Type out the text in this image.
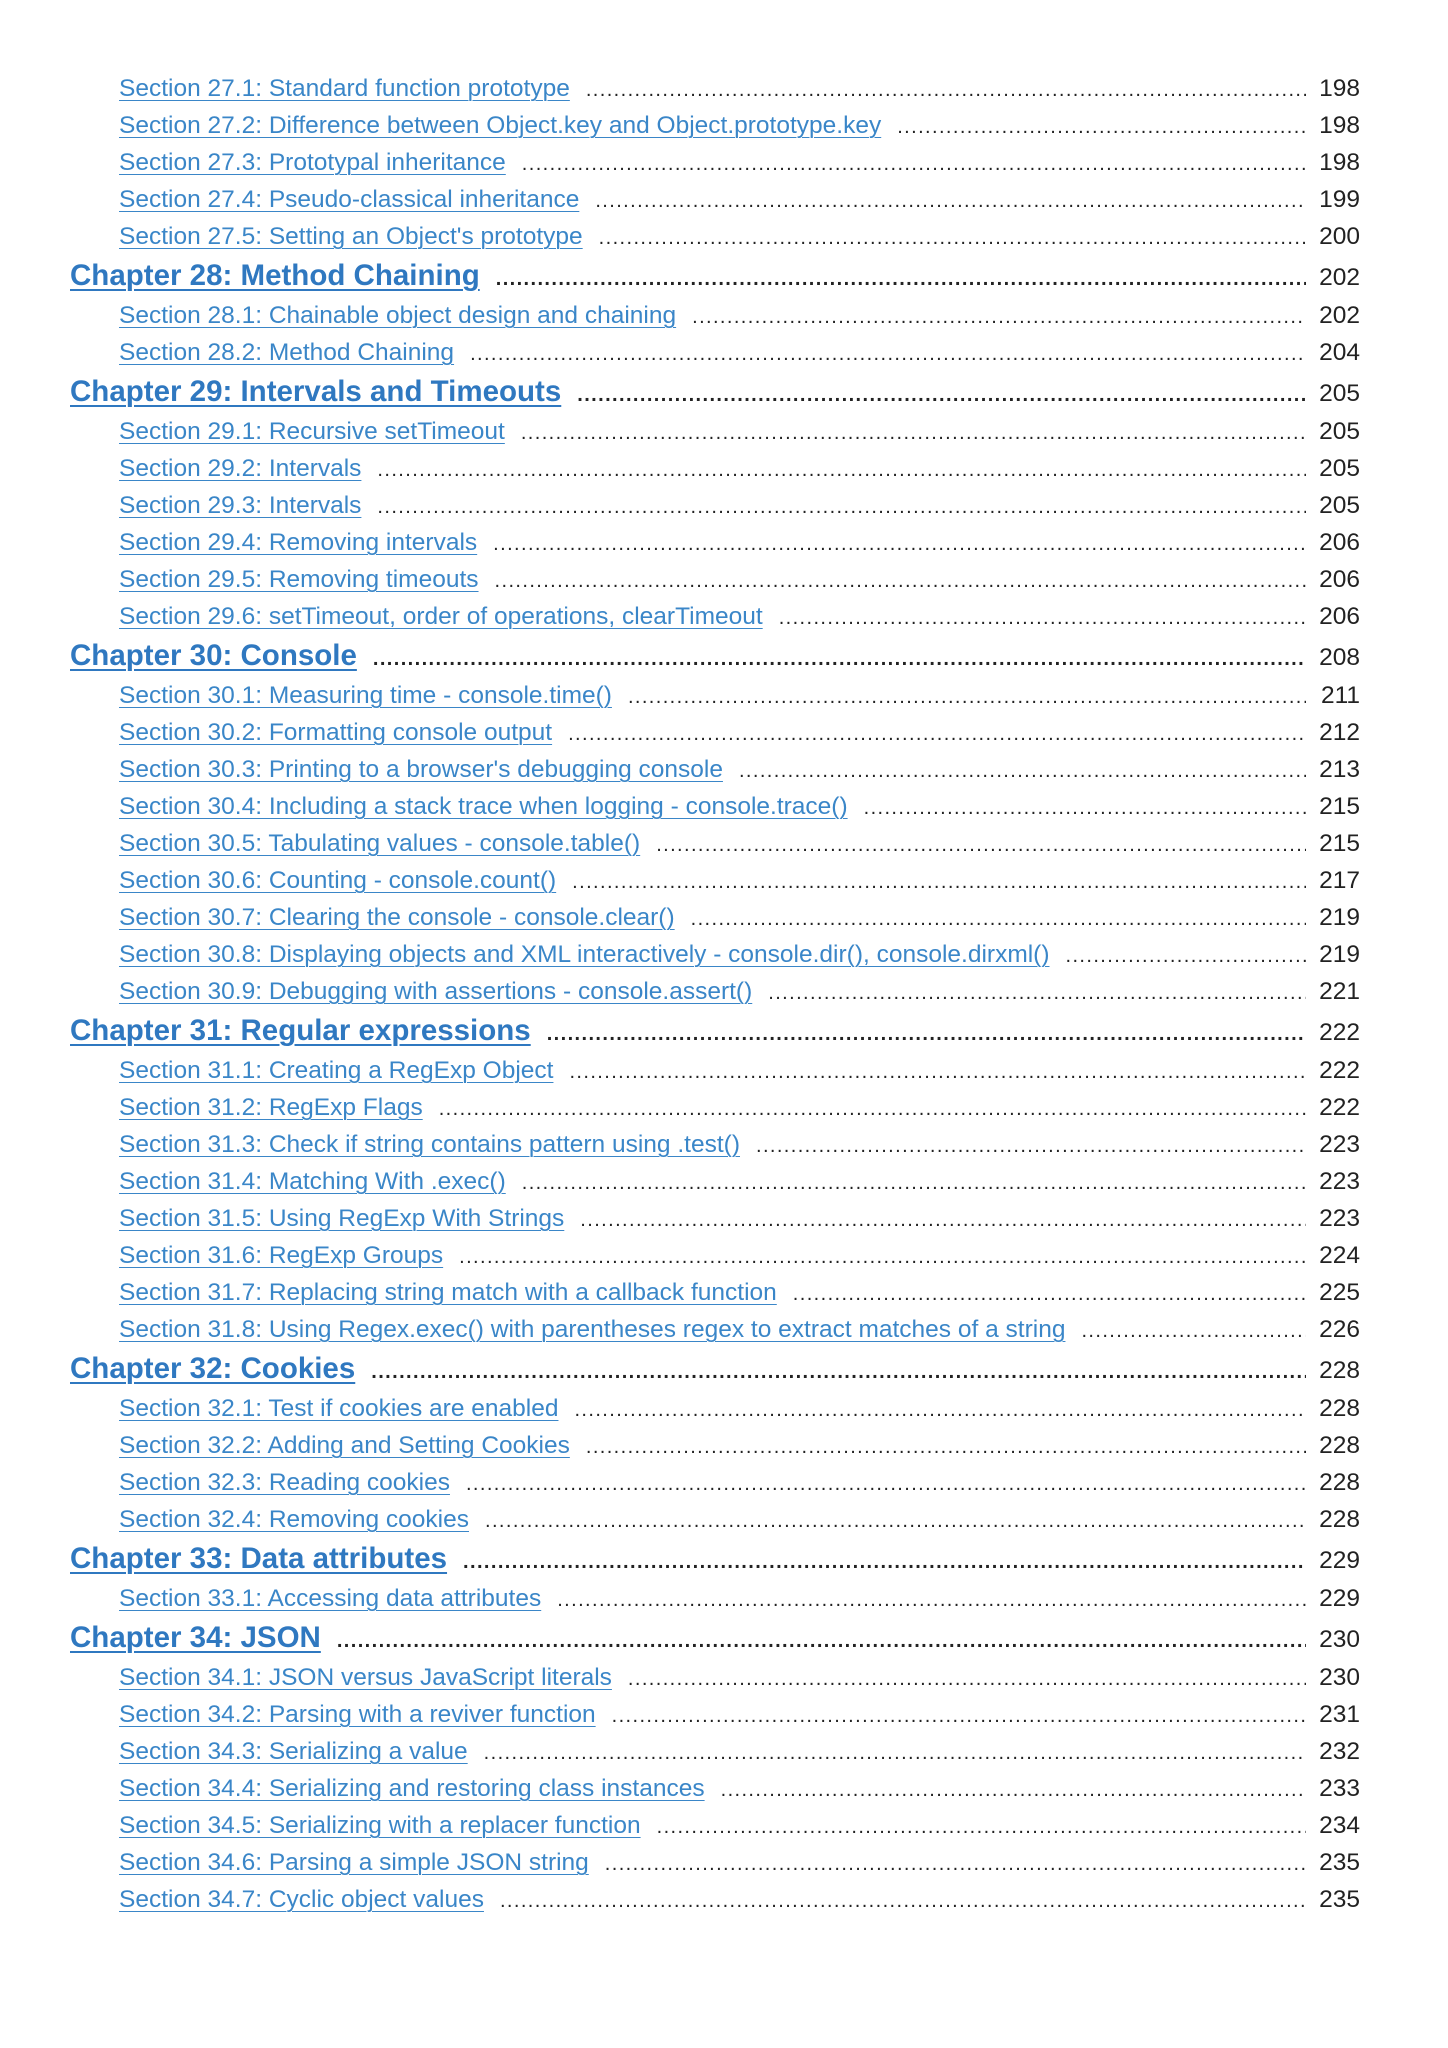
Section 27.1: Standard function prototype .....	198
Section 27.2: Difference between Object.key and Object.prototype.key .....	198
Section 27.3: Prototypal inheritance .....	198
Section 27.4: Pseudo-classical inheritance .....	199
Section 27.5: Setting an Object's prototype .....	200
Chapter 28: Method Chaining .....	202
Section 28.1: Chainable object design and chaining .....	202
Section 28.2: Method Chaining .....	204
Chapter 29: Intervals and Timeouts .....	205
Section 29.1: Recursive setTimeout .....	205
Section 29.2: Intervals .....	205
Section 29.3: Intervals .....	205
Section 29.4: Removing intervals .....	206
Section 29.5: Removing timeouts .....	206
Section 29.6: setTimeout, order of operations, clearTimeout .....	206
Chapter 30: Console .....	208
Section 30.1: Measuring time - console.time() .....	211
Section 30.2: Formatting console output .....	212
Section 30.3: Printing to a browser's debugging console .....	213
Section 30.4: Including a stack trace when logging - console.trace() .....	215
Section 30.5: Tabulating values - console.table() .....	215
Section 30.6: Counting - console.count() .....	217
Section 30.7: Clearing the console - console.clear() .....	219
Section 30.8: Displaying objects and XML interactively - console.dir(), console.dirxml() .....	219
Section 30.9: Debugging with assertions - console.assert() .....	221
Chapter 31: Regular expressions .....	222
Section 31.1: Creating a RegExp Object .....	222
Section 31.2: RegExp Flags .....	222
Section 31.3: Check if string contains pattern using .test() .....	223
Section 31.4: Matching With .exec() .....	223
Section 31.5: Using RegExp With Strings .....	223
Section 31.6: RegExp Groups .....	224
Section 31.7: Replacing string match with a callback function .....	225
Section 31.8: Using Regex.exec() with parentheses regex to extract matches of a string .....	226
Chapter 32: Cookies .....	228
Section 32.1: Test if cookies are enabled .....	228
Section 32.2: Adding and Setting Cookies .....	228
Section 32.3: Reading cookies .....	228
Section 32.4: Removing cookies .....	228
Chapter 33: Data attributes .....	229
Section 33.1: Accessing data attributes .....	229
Chapter 34: JSON .....	230
Section 34.1: JSON versus JavaScript literals .....	230
Section 34.2: Parsing with a reviver function .....	231
Section 34.3: Serializing a value .....	232
Section 34.4: Serializing and restoring class instances .....	233
Section 34.5: Serializing with a replacer function .....	234
Section 34.6: Parsing a simple JSON string .....	235
Section 34.7: Cyclic object values .....	235
